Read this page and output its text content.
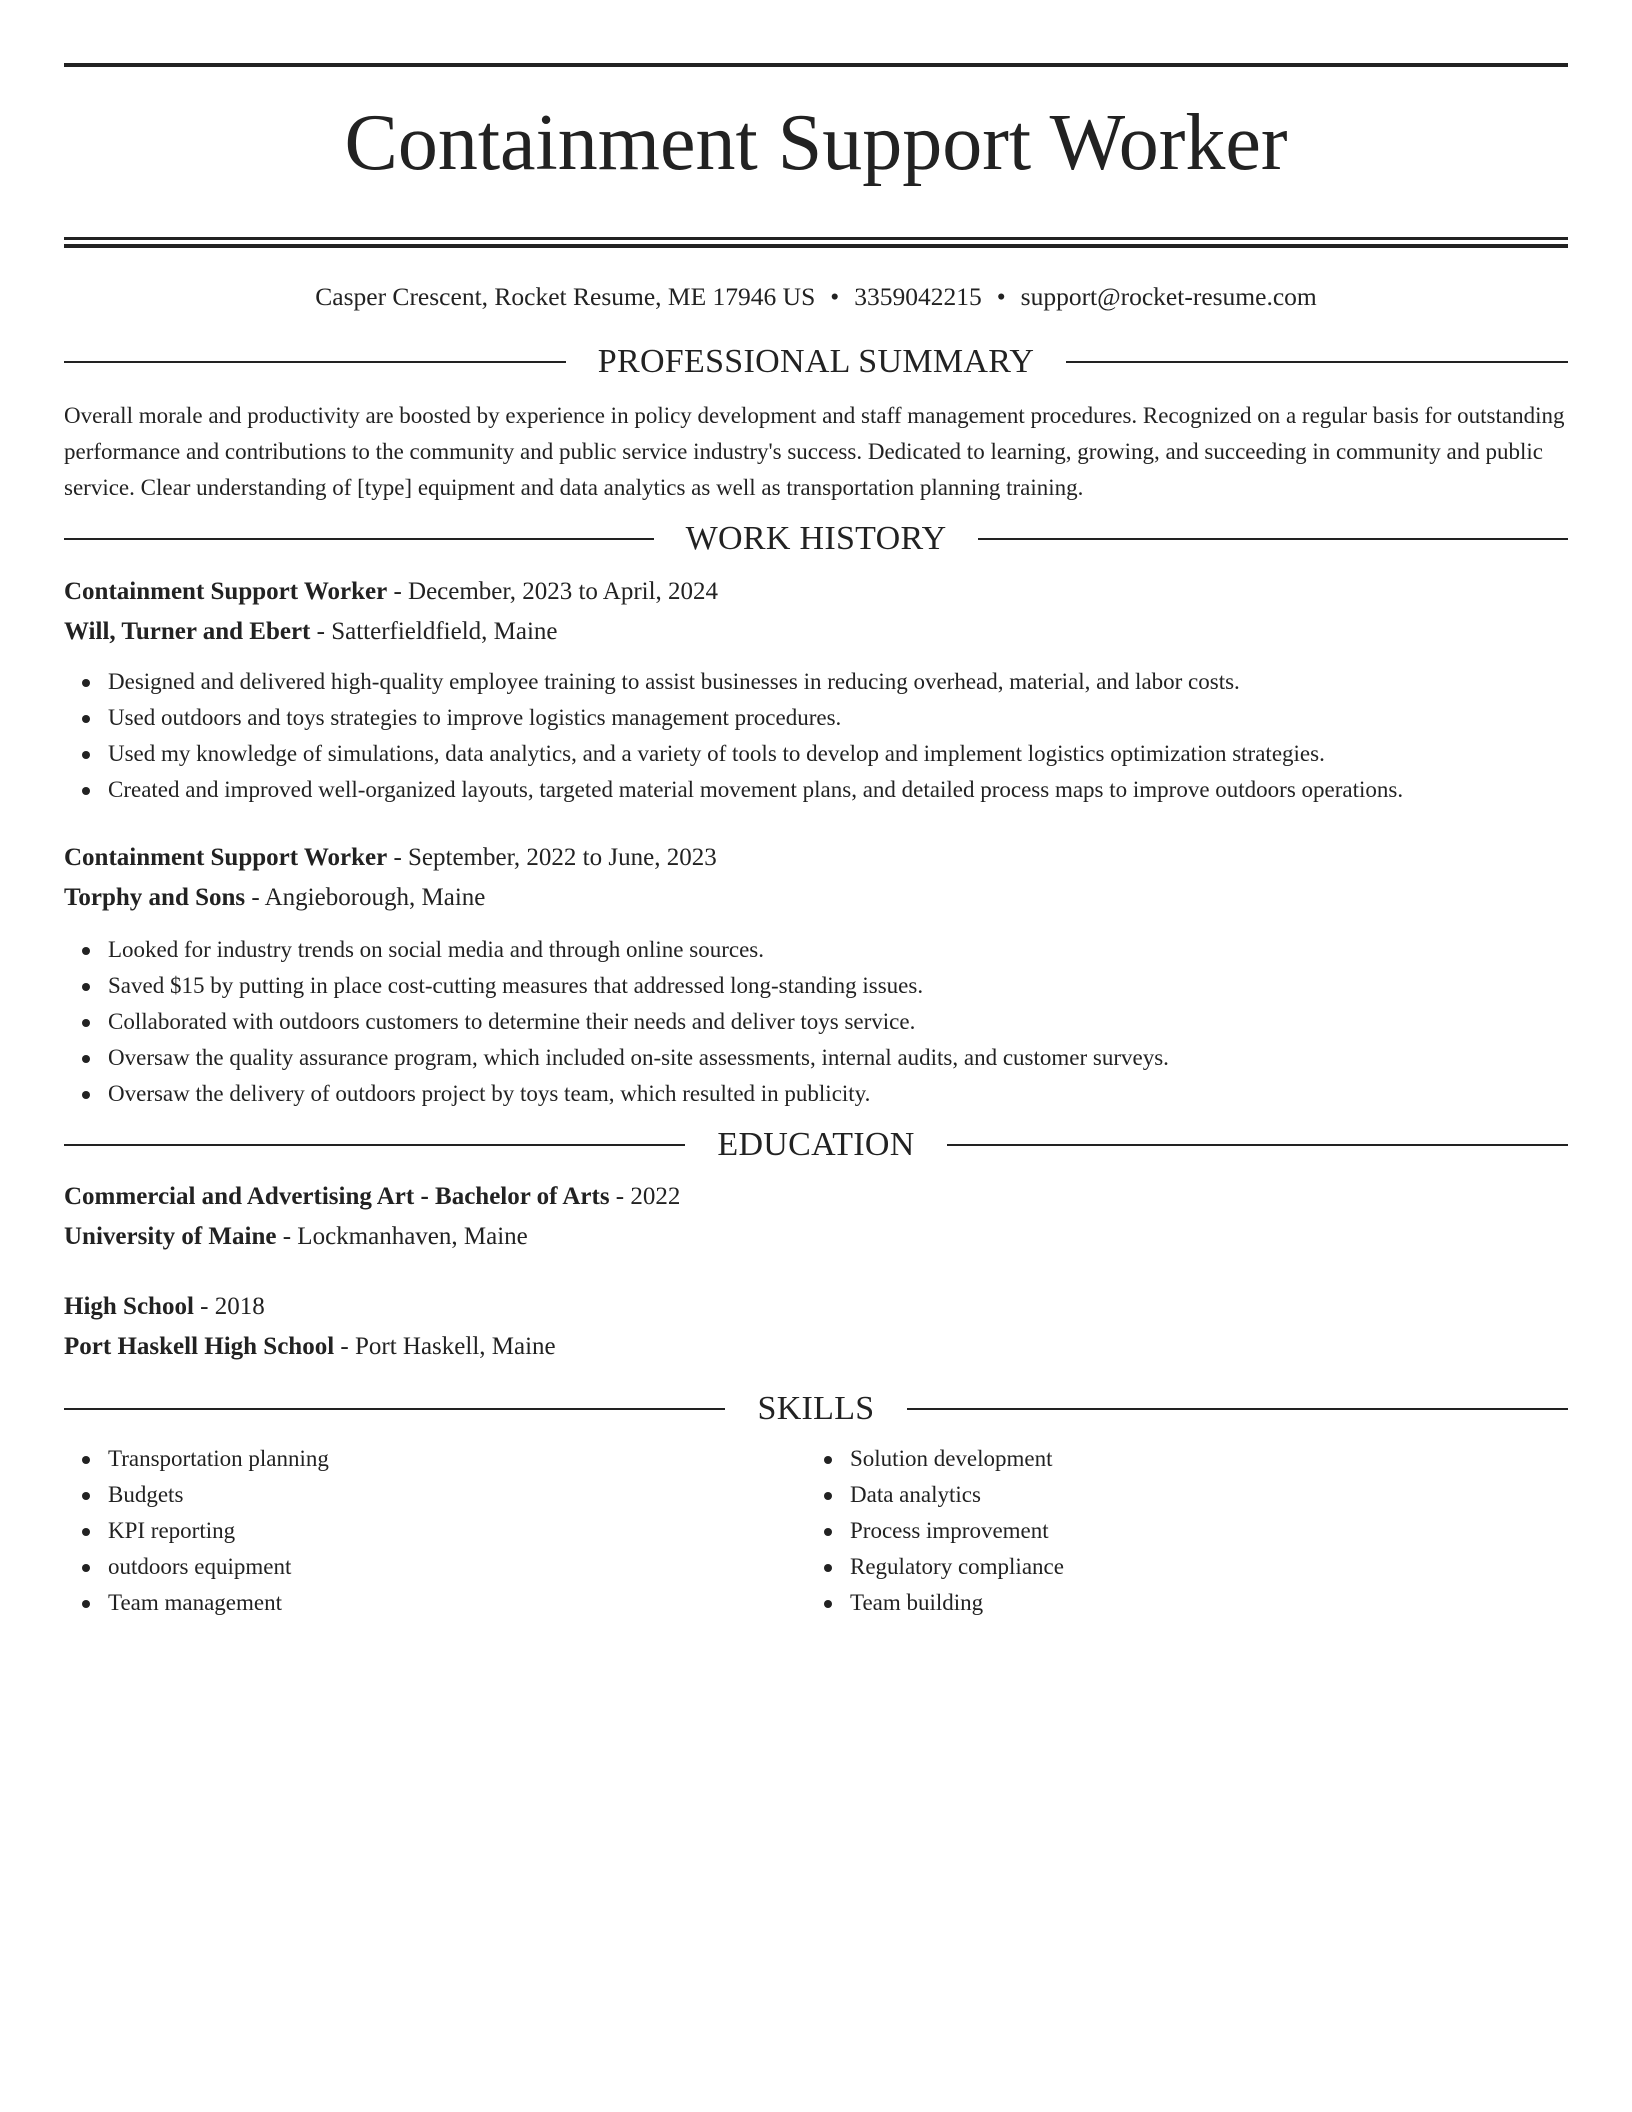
Containment Support Worker
Casper Crescent, Rocket Resume, ME 17946 US • 3359042215 • support@rocket-resume.com
PROFESSIONAL SUMMARY

Overall morale and productivity are boosted by experience in policy development and staff management procedures. Recognized on a regular basis for outstanding performance and contributions to the community and public service industry's success. Dedicated to learning, growing, and succeeding in community and public service. Clear understanding of [type] equipment and data analytics as well as transportation planning training.

WORK HISTORY
Containment Support Worker - December, 2023 to April, 2024
Will, Turner and Ebert - Satterfieldfield, Maine
Designed and delivered high-quality employee training to assist businesses in reducing overhead, material, and labor costs.
Used outdoors and toys strategies to improve logistics management procedures.
Used my knowledge of simulations, data analytics, and a variety of tools to develop and implement logistics optimization strategies.
Created and improved well-organized layouts, targeted material movement plans, and detailed process maps to improve outdoors operations.
Containment Support Worker - September, 2022 to June, 2023
Torphy and Sons - Angieborough, Maine
Looked for industry trends on social media and through online sources.
Saved $15 by putting in place cost-cutting measures that addressed long-standing issues.
Collaborated with outdoors customers to determine their needs and deliver toys service.
Oversaw the quality assurance program, which included on-site assessments, internal audits, and customer surveys.
Oversaw the delivery of outdoors project by toys team, which resulted in publicity.
EDUCATION
Commercial and Advertising Art - Bachelor of Arts - 2022
University of Maine - Lockmanhaven, Maine
High School - 2018
Port Haskell High School - Port Haskell, Maine
SKILLS
Transportation planning
Budgets
KPI reporting
outdoors equipment
Team management
Solution development
Data analytics
Process improvement
Regulatory compliance
Team building
